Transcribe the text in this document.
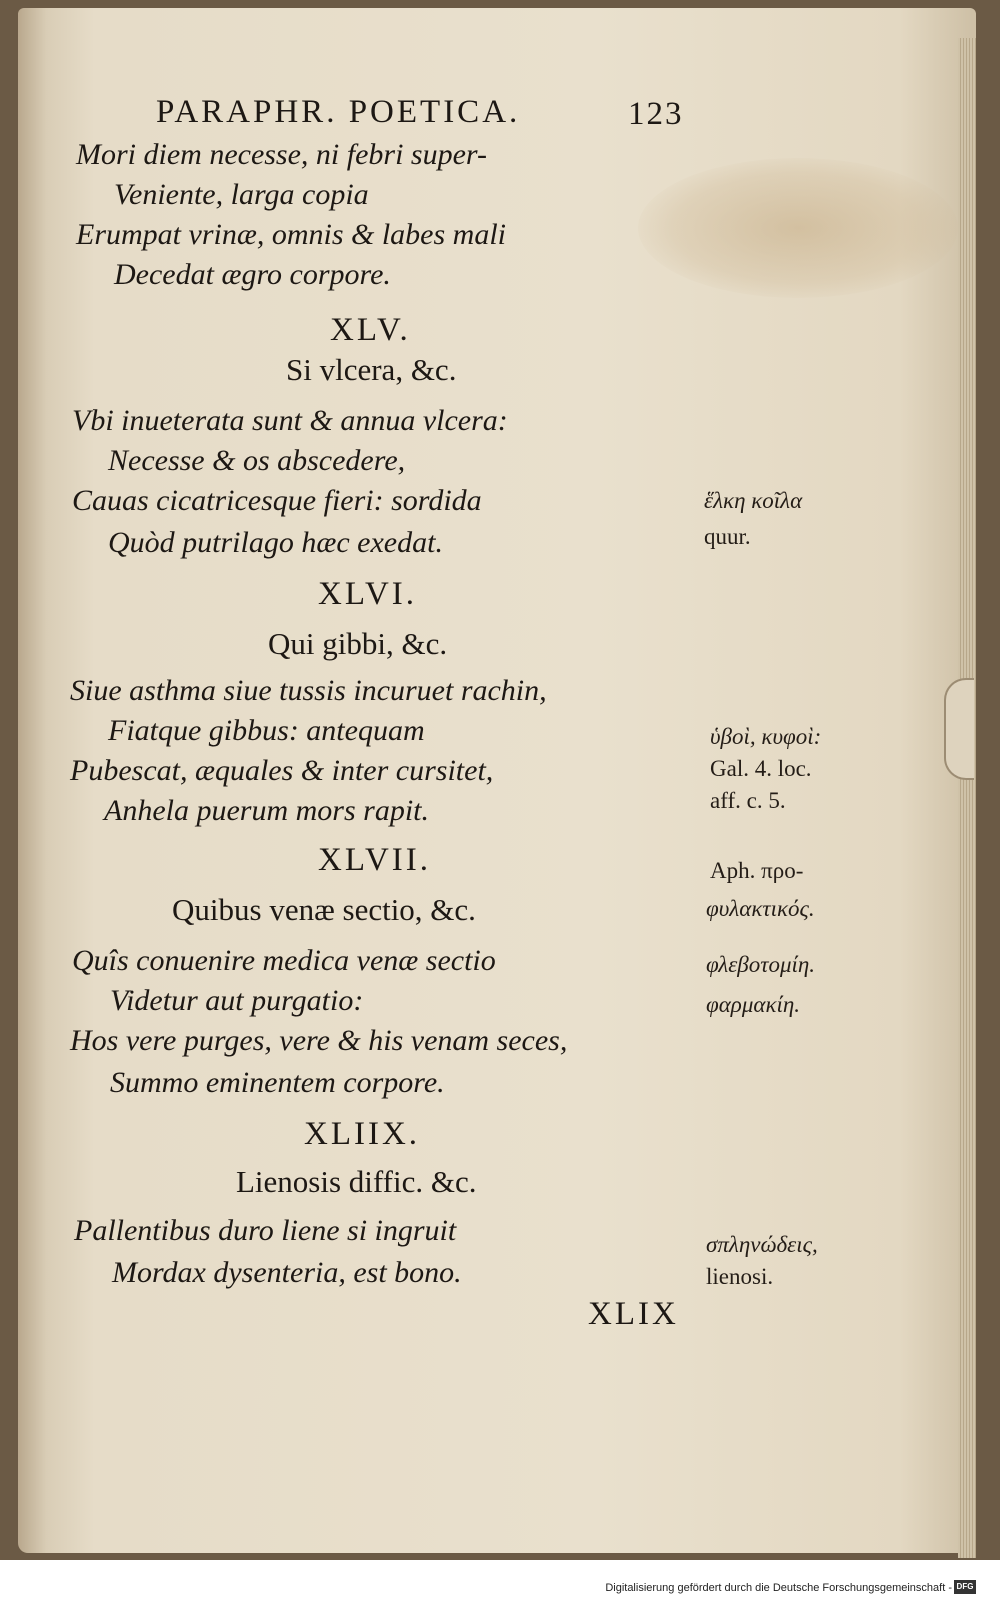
PARAPHR. POETICA.	123
Mori diem necesse, ni febri super-
Veniente, larga copia
Erumpat vrinæ, omnis & labes mali
Decedat ægro corpore.
XLV.
Si vlcera, &c.
Vbi inueterata sunt & annua vlcera:
Necesse & os abscedere,
Cauas cicatricesque fieri: sordida
Quòd putrilago hæc exedat.
XLVI.
Qui gibbi, &c.
Siue asthma siue tussis incuruet rachin,
Fiatque gibbus: antequam
Pubescat, æquales & inter cursitet,
Anhela puerum mors rapit.
XLVII.
Quibus venæ sectio, &c.
Quîs conuenire medica venæ sectio
Videtur aut purgatio:
Hos vere purges, vere & his venam seces,
Summo eminentem corpore.
XLIIX.
Lienosis diffic. &c.
Pallentibus duro liene si ingruit
Mordax dysenteria, est bono.
XLIX
ἕλκη κοῖλα
quur.
ὑβοὶ, κυφοὶ:
Gal. 4. loc.
aff. c. 5.
Aph. προ-
φυλακτικός.
φλεβοτομίη.
φαρμακίη.
σπληνώδεις,
lienosi.
Digitalisierung gefördert durch die Deutsche Forschungsgemeinschaft - DFG
